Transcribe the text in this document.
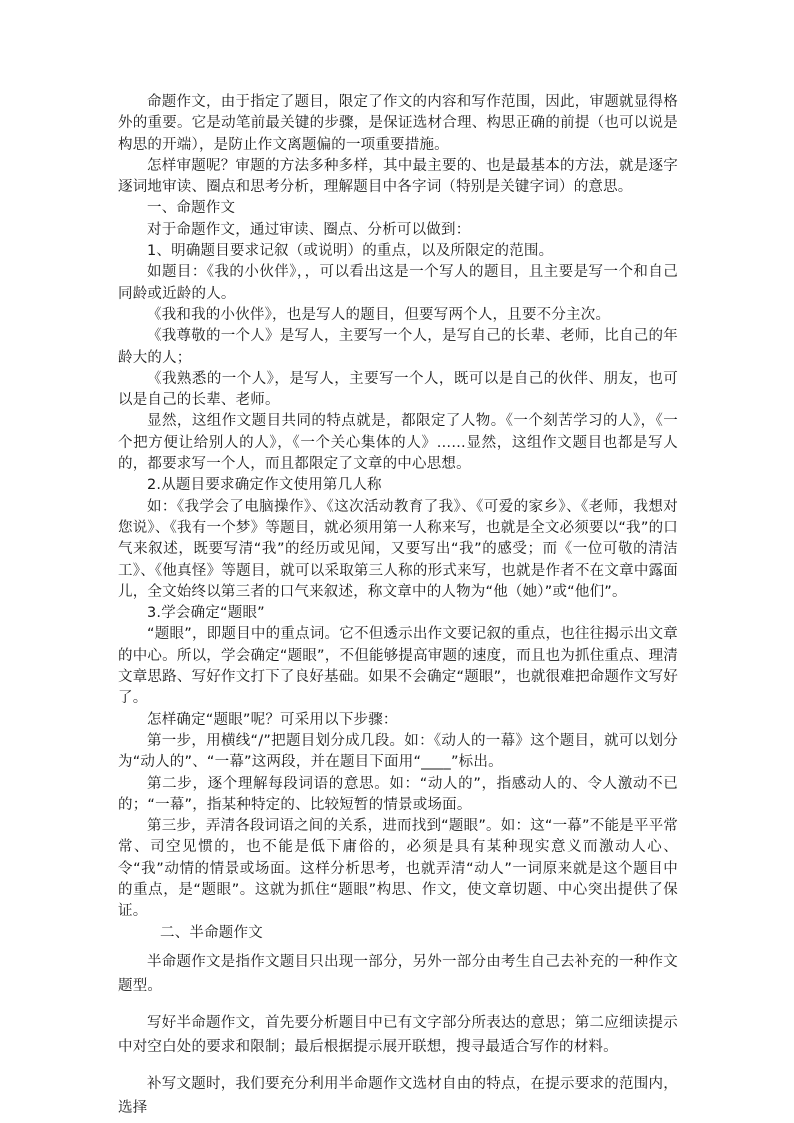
命题作文，由于指定了题目，限定了作文的内容和写作范围，因此，审题就显得格外的重要。它是动笔前最关键的步骤，是保证选材合理、构思正确的前提（也可以说是构思的开端），是防止作文离题偏的一项重要措施。

怎样审题呢？审题的方法多种多样，其中最主要的、也是最基本的方法，就是逐字逐词地审读、圈点和思考分析，理解题目中各字词（特别是关键字词）的意思。

一、命题作文

对于命题作文，通过审读、圈点、分析可以做到：

1、明确题目要求记叙（或说明）的重点，以及所限定的范围。

如题目：《我的小伙伴》，，可以看出这是一个写人的题目，且主要是写一个和自己同龄或近龄的人。

《我和我的小伙伴》，也是写人的题目，但要写两个人，且要不分主次。

《我尊敬的一个人》是写人，主要写一个人，是写自己的长辈、老师，比自己的年龄大的人；

《我熟悉的一个人》，是写人，主要写一个人，既可以是自己的伙伴、朋友，也可以是自己的长辈、老师。

显然，这组作文题目共同的特点就是，都限定了人物。《一个刻苦学习的人》，《一个把方便让给别人的人》，《一个关心集体的人》……显然，这组作文题目也都是写人的，都要求写一个人，而且都限定了文章的中心思想。

2.从题目要求确定作文使用第几人称

如：《我学会了电脑操作》、《这次活动教育了我》、《可爱的家乡》、《老师，我想对您说》、《我有一个梦》等题目，就必须用第一人称来写，也就是全文必须要以“我”的口气来叙述，既要写清“我”的经历或见闻，又要写出“我”的感受；而《一位可敬的清洁工》、《他真怪》等题目，就可以采取第三人称的形式来写，也就是作者不在文章中露面儿，全文始终以第三者的口气来叙述，称文章中的人物为“他（她）”或“他们”。

3.学会确定“题眼”

“题眼”，即题目中的重点词。它不但透示出作文要记叙的重点，也往往揭示出文章的中心。所以，学会确定“题眼”，不但能够提高审题的速度，而且也为抓住重点、理清文章思路、写好作文打下了良好基础。如果不会确定“题眼”，也就很难把命题作文写好了。

怎样确定“题眼”呢？可采用以下步骤：

第一步，用横线“/”把题目划分成几段。如：《动人的一幕》这个题目，就可以划分为“动人的”、“一幕”这两段，并在题目下面用“____”标出。

第二步，逐个理解每段词语的意思。如：“动人的”，指感动人的、令人激动不已的；“一幕”，指某种特定的、比较短暂的情景或场面。

第三步，弄清各段词语之间的关系，进而找到“题眼”。如：这“一幕”不能是平平常常、司空见惯的，也不能是低下庸俗的，必须是具有某种现实意义而激动人心、令“我”动情的情景或场面。这样分析思考，也就弄清“动人”一词原来就是这个题目中的重点，是“题眼”。这就为抓住“题眼”构思、作文，使文章切题、中心突出提供了保证。

二、半命题作文

半命题作文是指作文题目只出现一部分，另外一部分由考生自己去补充的一种作文题型。

写好半命题作文，首先要分析题目中已有文字部分所表达的意思；第二应细读提示中对空白处的要求和限制；最后根据提示展开联想，搜寻最适合写作的材料。

补写文题时，我们要充分利用半命题作文选材自由的特点，在提示要求的范围内，选择
